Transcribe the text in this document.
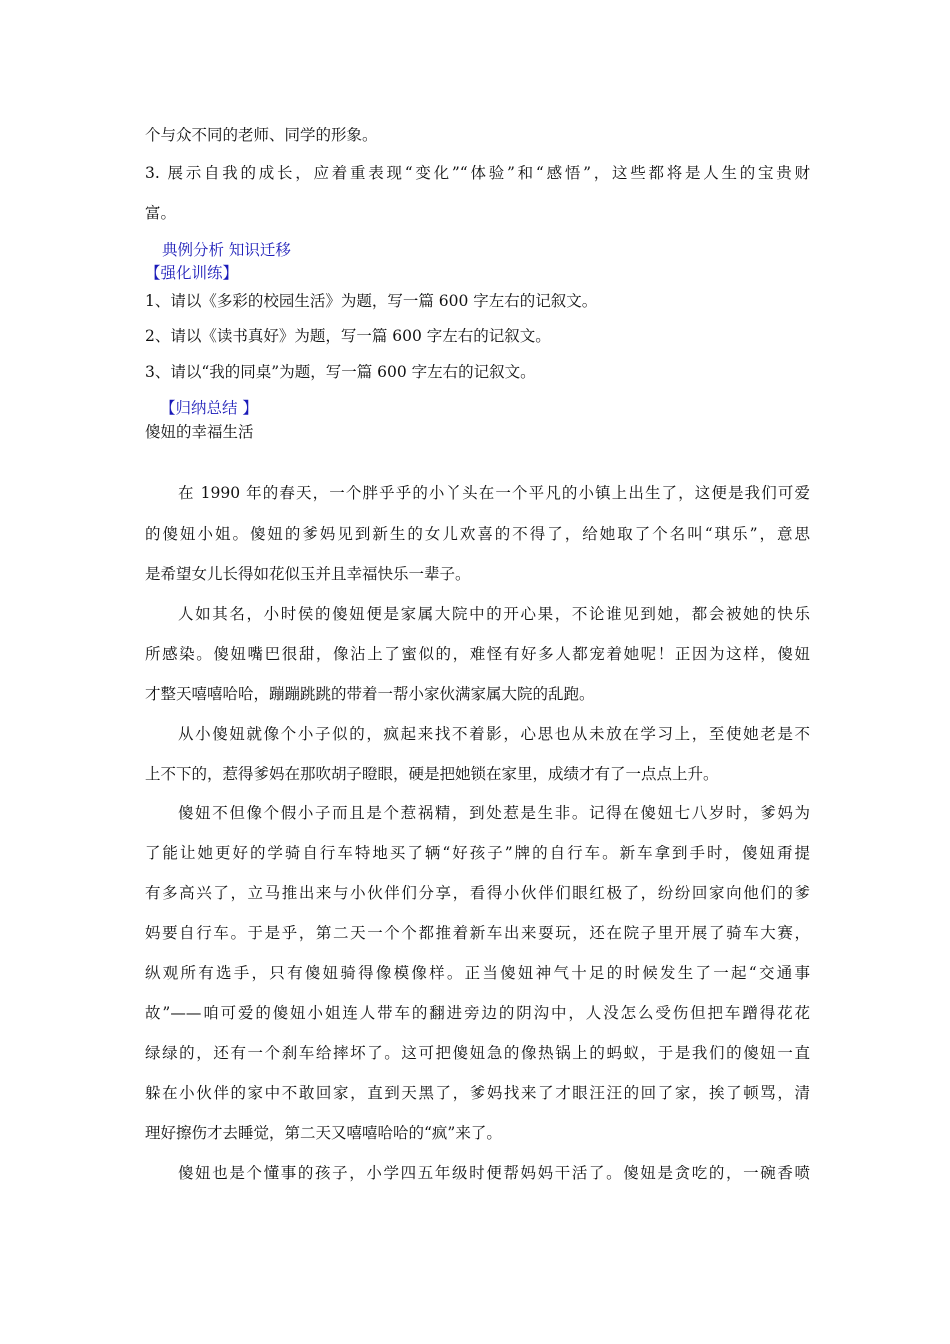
个与众不同的老师、同学的形象。
3. 展示自我的成长，应着重表现“变化”“体验”和“感悟”，这些都将是人生的宝贵财
富。
典例分析 知识迁移
【强化训练】
1、请以《多彩的校园生活》为题，写一篇 600 字左右的记叙文。
2、请以《读书真好》为题，写一篇 600 字左右的记叙文。
3、请以“我的同桌”为题，写一篇 600 字左右的记叙文。
【归纳总结 】
傻妞的幸福生活
在 1990 年的春天，一个胖乎乎的小丫头在一个平凡的小镇上出生了，这便是我们可爱
的傻妞小姐。傻妞的爹妈见到新生的女儿欢喜的不得了，给她取了个名叫“琪乐”，意思
是希望女儿长得如花似玉并且幸福快乐一辈子。
人如其名，小时侯的傻妞便是家属大院中的开心果，不论谁见到她，都会被她的快乐
所感染。傻妞嘴巴很甜，像沾上了蜜似的，难怪有好多人都宠着她呢！正因为这样，傻妞
才整天嘻嘻哈哈，蹦蹦跳跳的带着一帮小家伙满家属大院的乱跑。
从小傻妞就像个小子似的，疯起来找不着影，心思也从未放在学习上，至使她老是不
上不下的，惹得爹妈在那吹胡子瞪眼，硬是把她锁在家里，成绩才有了一点点上升。
傻妞不但像个假小子而且是个惹祸精，到处惹是生非。记得在傻妞七八岁时，爹妈为
了能让她更好的学骑自行车特地买了辆“好孩子”牌的自行车。新车拿到手时，傻妞甭提
有多高兴了，立马推出来与小伙伴们分享，看得小伙伴们眼红极了，纷纷回家向他们的爹
妈要自行车。于是乎，第二天一个个都推着新车出来耍玩，还在院子里开展了骑车大赛，
纵观所有选手，只有傻妞骑得像模像样。正当傻妞神气十足的时候发生了一起“交通事
故”——咱可爱的傻妞小姐连人带车的翻进旁边的阴沟中，人没怎么受伤但把车蹭得花花
绿绿的，还有一个刹车给摔坏了。这可把傻妞急的像热锅上的蚂蚁，于是我们的傻妞一直
躲在小伙伴的家中不敢回家，直到天黑了，爹妈找来了才眼汪汪的回了家，挨了顿骂，清
理好擦伤才去睡觉，第二天又嘻嘻哈哈的“疯”来了。
傻妞也是个懂事的孩子，小学四五年级时便帮妈妈干活了。傻妞是贪吃的，一碗香喷
